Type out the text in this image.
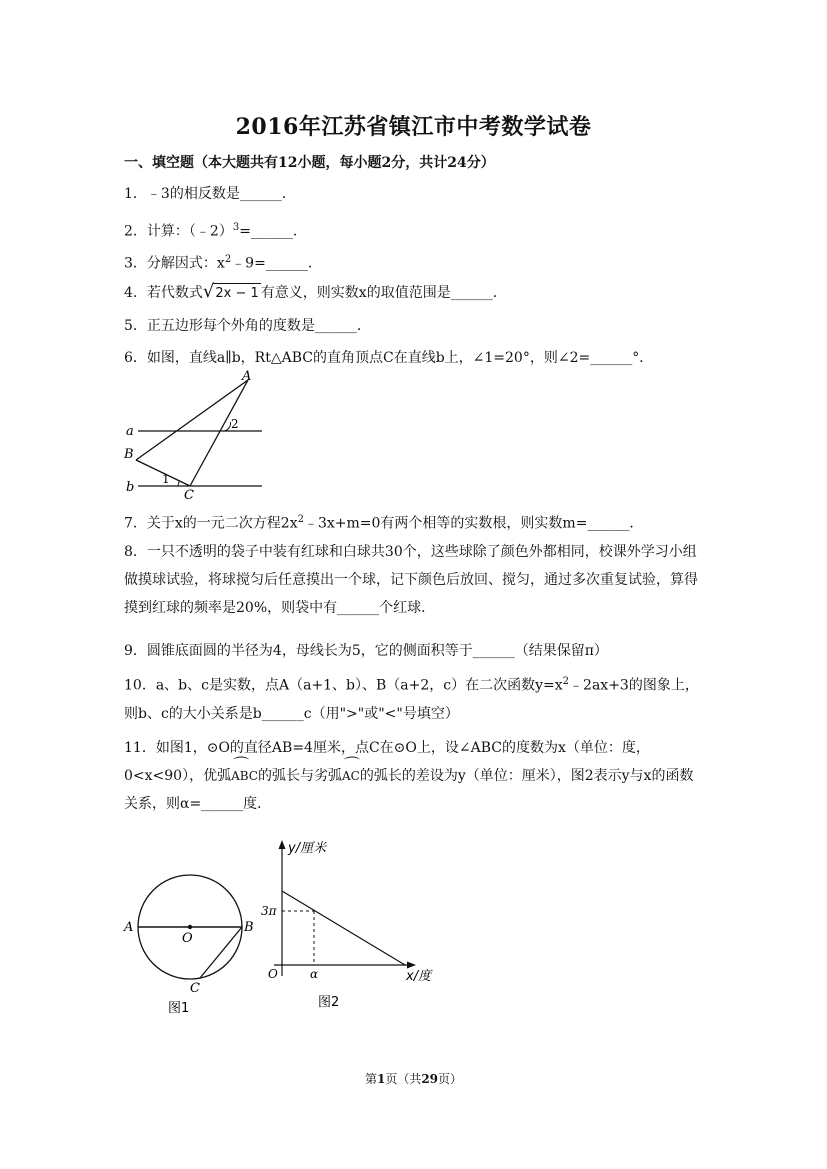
2016年江苏省镇江市中考数学试卷
一、填空题（本大题共有12小题，每小题2分，共计24分）
1．﹣3的相反数是______．
2．计算：（﹣2）$^3$=______．
3．分解因式：$x^2﹣9=\_\_\_\_\_\_$．
4．若代数式√2x − 1 有意义，则实数x的取值范围是______．
5．正五边形每个外角的度数是______．
6．如图，直线a∥b，Rt△ABC的直角顶点C在直线b上，∠1=20°，则∠2=______°．
A
B
C
a
b
1
2
7．关于x的一元二次方程$2x^2﹣3x+m=0$有两个相等的实数根，则实数m=______．
8．一只不透明的袋子中装有红球和白球共30个，这些球除了颜色外都相同，校课外学习小组做摸球试验，将球搅匀后任意摸出一个球，记下颜色后放回、搅匀，通过多次重复试验，算得摸到红球的频率是20%，则袋中有______个红球．
9．圆锥底面圆的半径为4，母线长为5，它的侧面积等于______（结果保留π）
10．a、b、c是实数，点A（a+1、b）、B（a+2，c）在二次函数$y=x^2﹣2ax+3$的图象上，则b、c的大小关系是b______c（用">"或"<"号填空）
11．如图1，⊙O的直径AB=4厘米，点C在⊙O上，设∠ABC的度数为x（单位：度，0<x<90），优弧⌒ ABC的弧长与劣弧⌒ AC的弧长的差设为y（单位：厘米），图2表示y与x的函数关系，则α=______度．
A	B
O
C
图1
y/厘米
x/度
O
3π
α
图2
第1页（共29页）
